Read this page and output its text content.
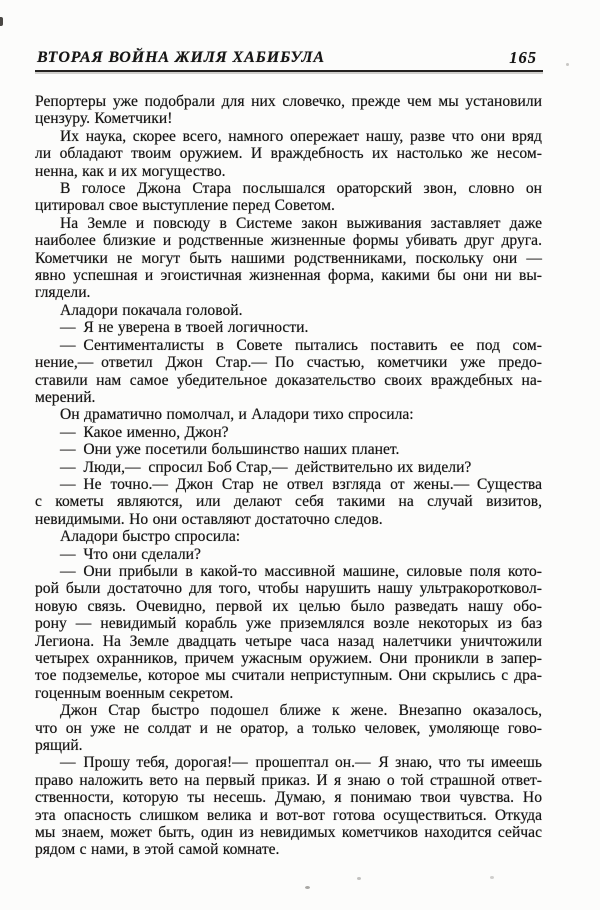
ВТОРАЯ ВОЙНА ЖИЛЯ ХАБИБУЛА	165
Репортеры уже подобрали для них словечко, прежде чем мы установили
цензуру. Кометчики!
Их наука, скорее всего, намного опережает нашу, разве что они вряд
ли обладают твоим оружием. И враждебность их настолько же несом-
ненна, как и их могущество.
В голосе Джона Стара послышался ораторский звон, словно он
цитировал свое выступление перед Советом.
На Земле и повсюду в Системе закон выживания заставляет даже
наиболее близкие и родственные жизненные формы убивать друг друга.
Кометчики не могут быть нашими родственниками, поскольку они —
явно успешная и эгоистичная жизненная форма, какими бы они ни вы-
глядели.
Аладори покачала головой.
— Я не уверена в твоей логичности.
— Сентименталисты в Совете пытались поставить ее под сом-
нение,— ответил Джон Стар.— По счастью, кометчики уже предо-
ставили нам самое убедительное доказательство своих враждебных на-
мерений.
Он драматично помолчал, и Аладори тихо спросила:
— Какое именно, Джон?
— Они уже посетили большинство наших планет.
— Люди,— спросил Боб Стар,— действительно их видели?
— Не точно.— Джон Стар не отвел взгляда от жены.— Существа
с кометы являются, или делают себя такими на случай визитов,
невидимыми. Но они оставляют достаточно следов.
Аладори быстро спросила:
— Что они сделали?
— Они прибыли в какой-то массивной машине, силовые поля кото-
рой были достаточно для того, чтобы нарушить нашу ультракоротковол-
новую связь. Очевидно, первой их целью было разведать нашу обо-
рону — невидимый корабль уже приземлялся возле некоторых из баз
Легиона. На Земле двадцать четыре часа назад налетчики уничтожили
четырех охранников, причем ужасным оружием. Они проникли в запер-
тое подземелье, которое мы считали неприступным. Они скрылись с дра-
гоценным военным секретом.
Джон Стар быстро подошел ближе к жене. Внезапно оказалось,
что он уже не солдат и не оратор, а только человек, умоляюще гово-
рящий.
— Прошу тебя, дорогая!— прошептал он.— Я знаю, что ты имеешь
право наложить вето на первый приказ. И я знаю о той страшной ответ-
ственности, которую ты несешь. Думаю, я понимаю твои чувства. Но
эта опасность слишком велика и вот-вот готова осуществиться. Откуда
мы знаем, может быть, один из невидимых кометчиков находится сейчас
рядом с нами, в этой самой комнате.
